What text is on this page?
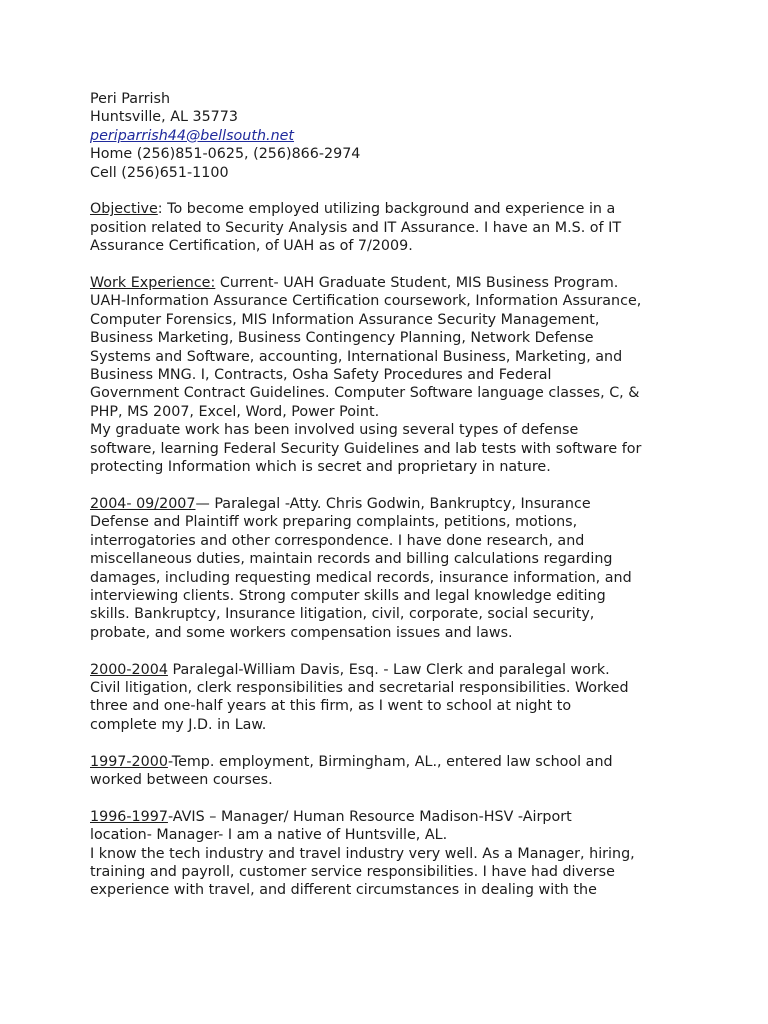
Peri Parrish
Huntsville, AL 35773
periparrish44@bellsouth.net
Home (256)851-0625, (256)866-2974
Cell (256)651-1100
Objective: To become employed utilizing background and experience in a
position related to Security Analysis and IT Assurance. I have an M.S. of IT
Assurance Certification, of UAH as of 7/2009.
Work Experience: Current- UAH Graduate Student, MIS Business Program.
UAH-Information Assurance Certification coursework, Information Assurance,
Computer Forensics, MIS Information Assurance Security Management,
Business Marketing, Business Contingency Planning, Network Defense
Systems and Software, accounting, International Business, Marketing, and
Business MNG. I, Contracts, Osha Safety Procedures and Federal
Government Contract Guidelines. Computer Software language classes, C, &
PHP, MS 2007, Excel, Word, Power Point.
My graduate work has been involved using several types of defense
software, learning Federal Security Guidelines and lab tests with software for
protecting Information which is secret and proprietary in nature.
2004- 09/2007— Paralegal -Atty. Chris Godwin, Bankruptcy, Insurance
Defense and Plaintiff work preparing complaints, petitions, motions,
interrogatories and other correspondence. I have done research, and
miscellaneous duties, maintain records and billing calculations regarding
damages, including requesting medical records, insurance information, and
interviewing clients. Strong computer skills and legal knowledge editing
skills. Bankruptcy, Insurance litigation, civil, corporate, social security,
probate, and some workers compensation issues and laws.
2000-2004 Paralegal-William Davis, Esq. - Law Clerk and paralegal work.
Civil litigation, clerk responsibilities and secretarial responsibilities. Worked
three and one-half years at this firm, as I went to school at night to
complete my J.D. in Law.
1997-2000-Temp. employment, Birmingham, AL., entered law school and
worked between courses.
1996-1997-AVIS – Manager/ Human Resource Madison-HSV -Airport
location- Manager- I am a native of Huntsville, AL.
I know the tech industry and travel industry very well. As a Manager, hiring,
training and payroll, customer service responsibilities. I have had diverse
experience with travel, and different circumstances in dealing with the
